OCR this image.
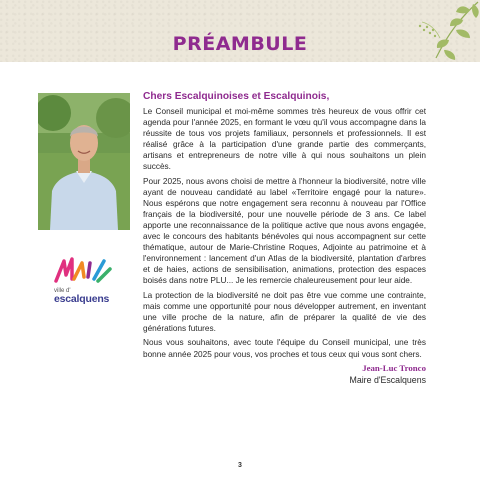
PRÉAMBULE
ville d'
escalquens
Chers Escalquinoises et Escalquinois,

Le Conseil municipal et moi-même sommes très heureux de vous offrir cet agenda pour l'année 2025, en formant le vœu qu'il vous accompagne dans la réussite de tous vos projets familiaux, personnels et professionnels. Il est réalisé grâce à la participation d'une grande partie des commerçants, artisans et entrepreneurs de notre ville à qui nous souhaitons un plein succès.

Pour 2025, nous avons choisi de mettre à l'honneur la biodiversité, notre ville ayant de nouveau candidaté au label «Territoire engagé pour la nature». Nous espérons que notre engagement sera reconnu à nouveau par l'Office français de la biodiversité, pour une nouvelle période de 3 ans. Ce label apporte une reconnaissance de la politique active que nous avons engagée, avec le concours des habitants bénévoles qui nous accompagnent sur cette thématique, autour de Marie-Christine Roques, Adjointe au patrimoine et à l'environnement : lancement d'un Atlas de la biodiversité, plantation d'arbres et de haies, actions de sensibilisation, animations, protection des espaces boisés dans notre PLU... Je les remercie chaleureusement pour leur aide.

La protection de la biodiversité ne doit pas être vue comme une contrainte, mais comme une opportunité pour nous développer autrement, en inventant une ville proche de la nature, afin de préparer la qualité de vie des générations futures.

Nous vous souhaitons, avec toute l'équipe du Conseil municipal, une très bonne année 2025 pour vous, vos proches et tous ceux qui vous sont chers.

Jean-Luc Tronco
Maire d'Escalquens
3
